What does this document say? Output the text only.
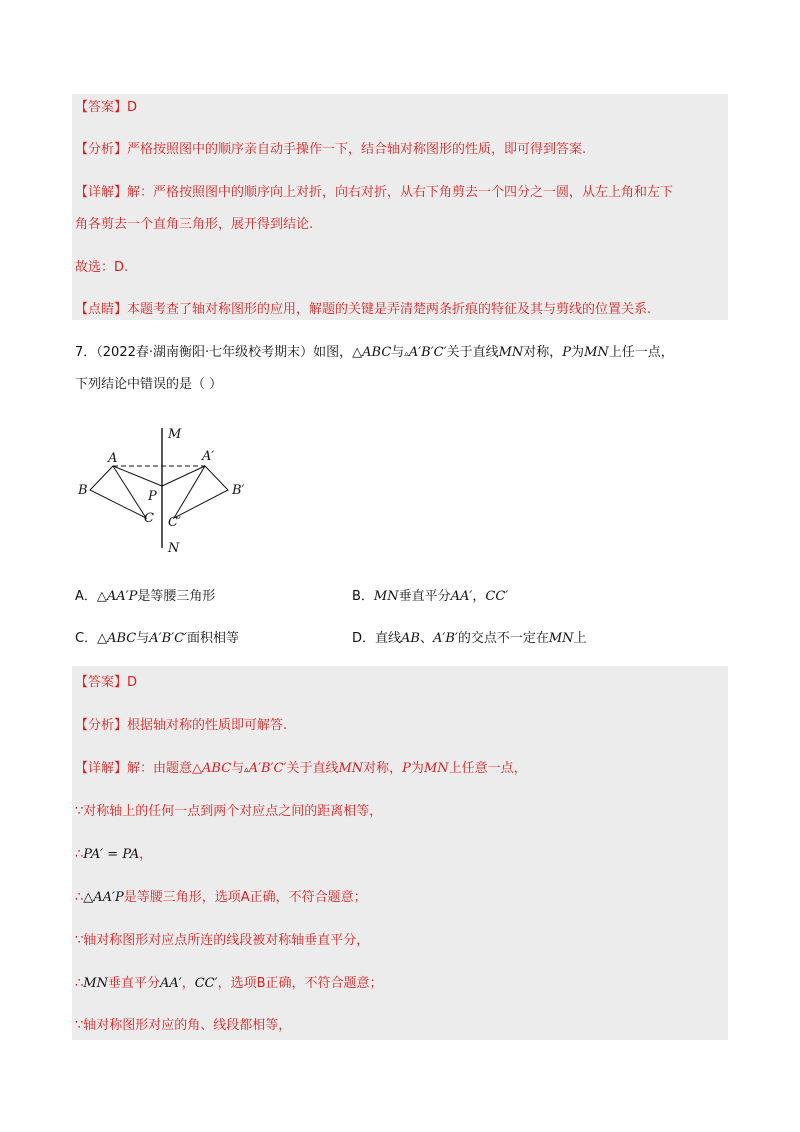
【答案】D
【分析】严格按照图中的顺序亲自动手操作一下，结合轴对称图形的性质，即可得到答案.
【详解】解：严格按照图中的顺序向上对折，向右对折，从右下角剪去一个四分之一圆，从左上角和左下
角各剪去一个直角三角形，展开得到结论.
故选：D.
【点睛】本题考查了轴对称图形的应用，解题的关键是弄清楚两条折痕的特征及其与剪线的位置关系.
7．（2022春·湖南衡阳·七年级校考期末）如图，△ABC与▵A′B′C′关于直线MN对称，P为MN上任一点，
下列结论中错误的是（ ）
M
N
A	A′
B	B′
C C′
P
A．△AA′P是等腰三角形	B．MN垂直平分AA′，CC′
C．△ABC与A′B′C′面积相等	D．直线AB、A′B′的交点不一定在MN上
【答案】D
【分析】根据轴对称的性质即可解答.
【详解】解：由题意△ABC与▵A′B′C′关于直线MN对称，P为MN上任意一点，
∵对称轴上的任何一点到两个对应点之间的距离相等，
∴PA′ = PA，
∴△AA′P是等腰三角形，选项A正确，不符合题意；
∵轴对称图形对应点所连的线段被对称轴垂直平分，
∴MN垂直平分AA′，CC′，选项B正确，不符合题意；
∵轴对称图形对应的角、线段都相等，
